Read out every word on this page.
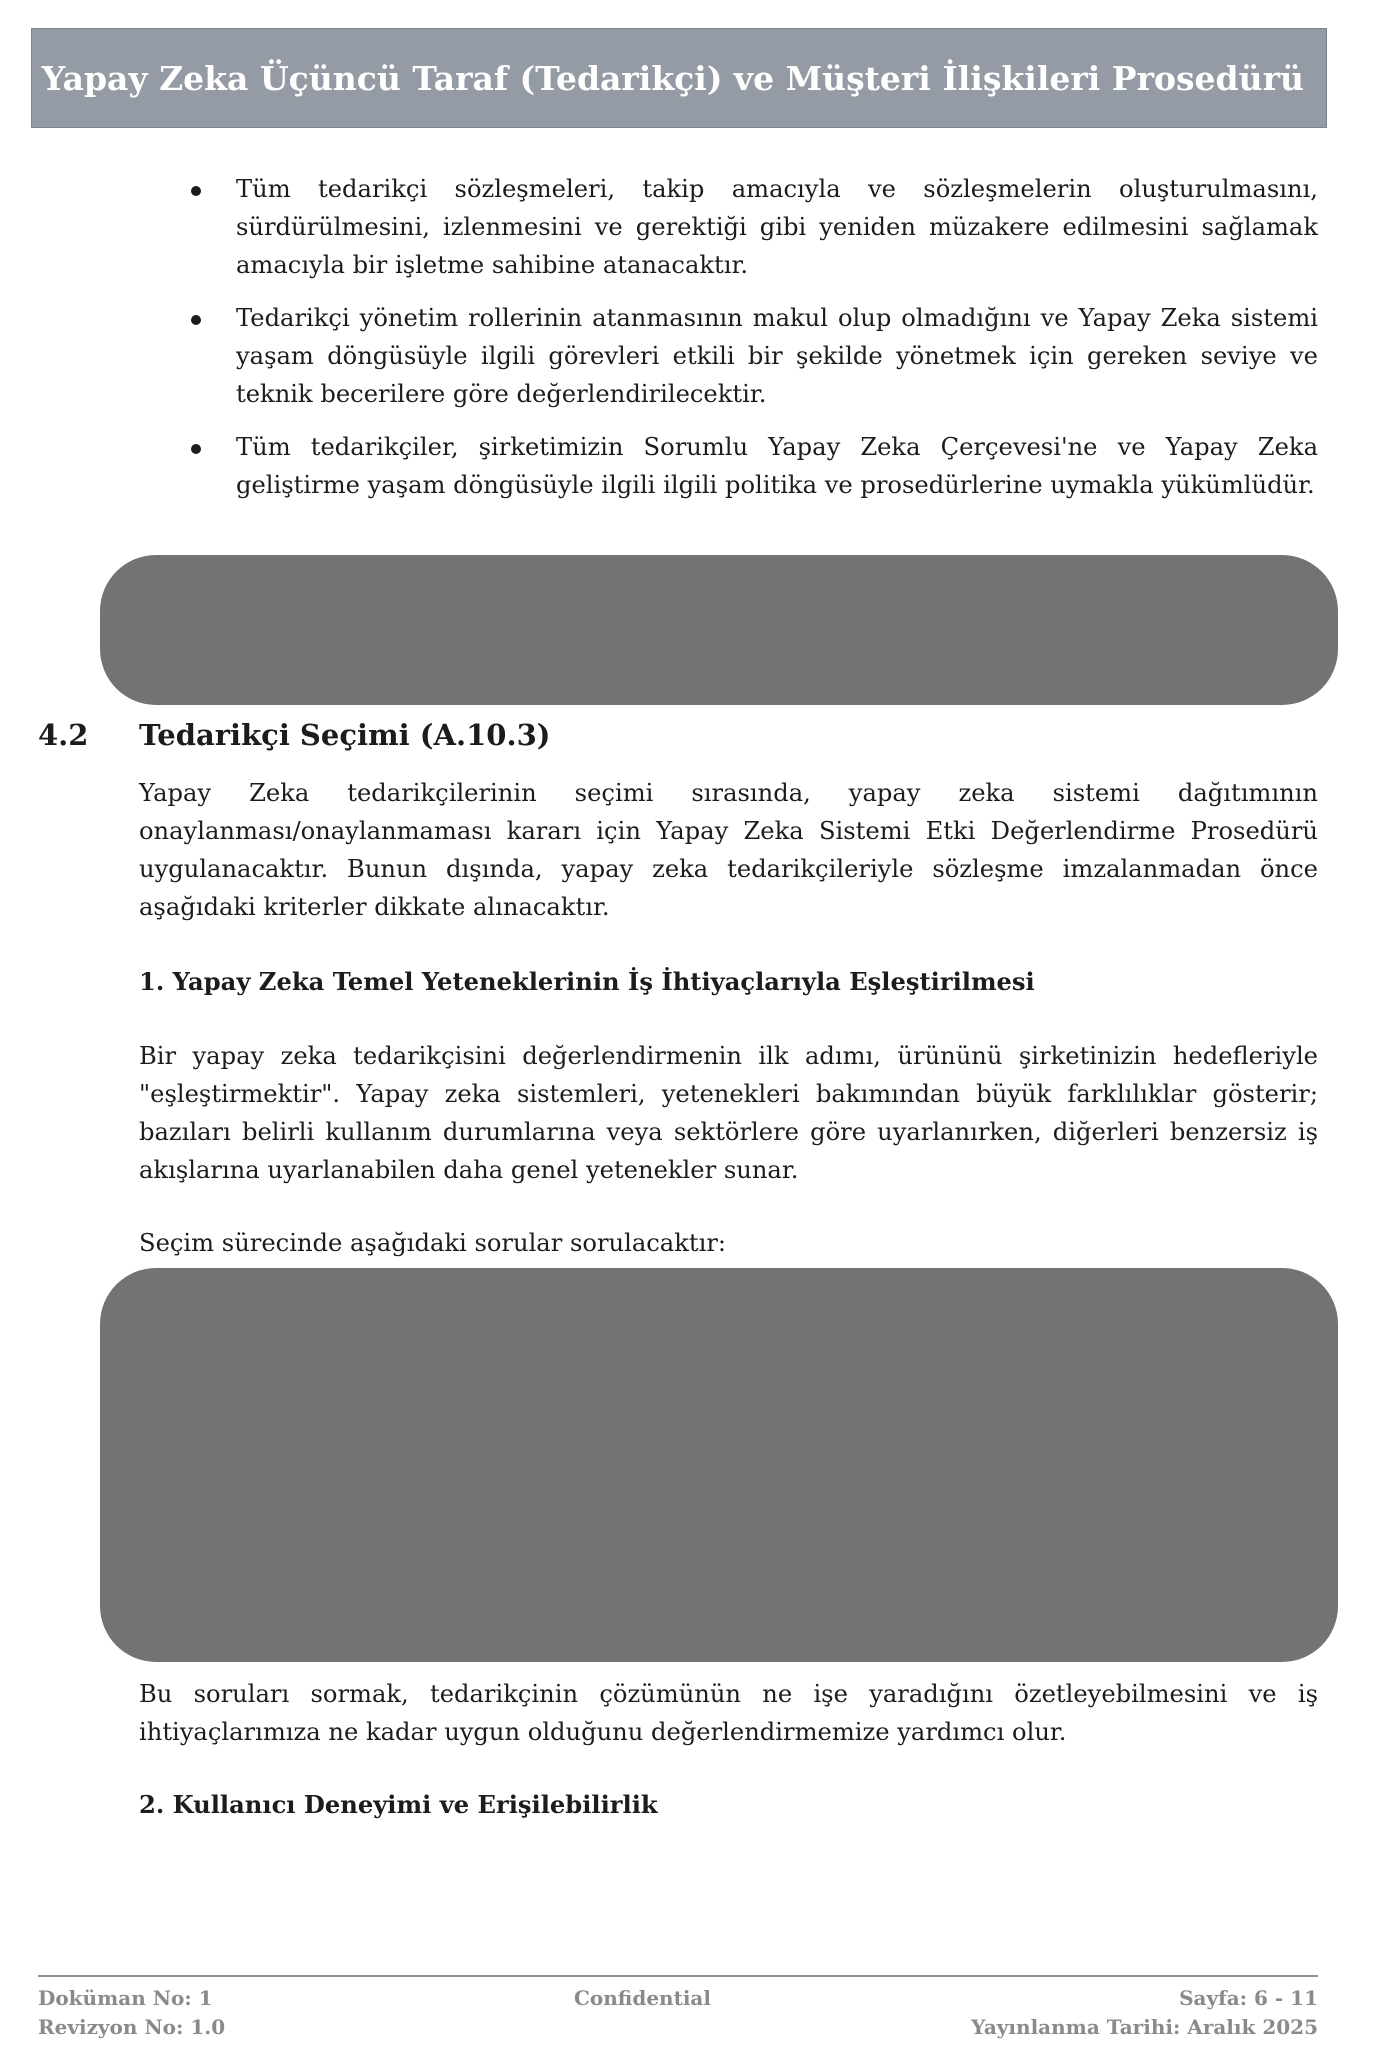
Yapay Zeka Üçüncü Taraf (Tedarikçi) ve Müşteri İlişkileri Prosedürü

Tüm tedarikçi sözleşmeleri, takip amacıyla ve sözleşmelerin oluşturulmasını, sürdürülmesini, izlenmesini ve gerektiği gibi yeniden müzakere edilmesini sağlamak amacıyla bir işletme sahibine atanacaktır.

Tedarikçi yönetim rollerinin atanmasının makul olup olmadığını ve Yapay Zeka sistemi yaşam döngüsüyle ilgili görevleri etkili bir şekilde yönetmek için gereken seviye ve teknik becerilere göre değerlendirilecektir.

Tüm tedarikçiler, şirketimizin Sorumlu Yapay Zeka Çerçevesi'ne ve Yapay Zeka geliştirme yaşam döngüsüyle ilgili ilgili politika ve prosedürlerine uymakla yükümlüdür.

4.2 Tedarikçi Seçimi (A.10.3)

Yapay Zeka tedarikçilerinin seçimi sırasında, yapay zeka sistemi dağıtımının onaylanması/onaylanmaması kararı için Yapay Zeka Sistemi Etki Değerlendirme Prosedürü uygulanacaktır. Bunun dışında, yapay zeka tedarikçileriyle sözleşme imzalanmadan önce aşağıdaki kriterler dikkate alınacaktır.

1. Yapay Zeka Temel Yeteneklerinin İş İhtiyaçlarıyla Eşleştirilmesi

Bir yapay zeka tedarikçisini değerlendirmenin ilk adımı, ürününü şirketinizin hedefleriyle "eşleştirmektir". Yapay zeka sistemleri, yetenekleri bakımından büyük farklılıklar gösterir; bazıları belirli kullanım durumlarına veya sektörlere göre uyarlanırken, diğerleri benzersiz iş akışlarına uyarlanabilen daha genel yetenekler sunar.

Seçim sürecinde aşağıdaki sorular sorulacaktır:

Bu soruları sormak, tedarikçinin çözümünün ne işe yaradığını özetleyebilmesini ve iş ihtiyaçlarımıza ne kadar uygun olduğunu değerlendirmemize yardımcı olur.

2. Kullanıcı Deneyimi ve Erişilebilirlik

Doküman No: 1
Revizyon No: 1.0
Confidential	Sayfa: 6 - 11
Yayınlanma Tarihi: Aralık 2025
